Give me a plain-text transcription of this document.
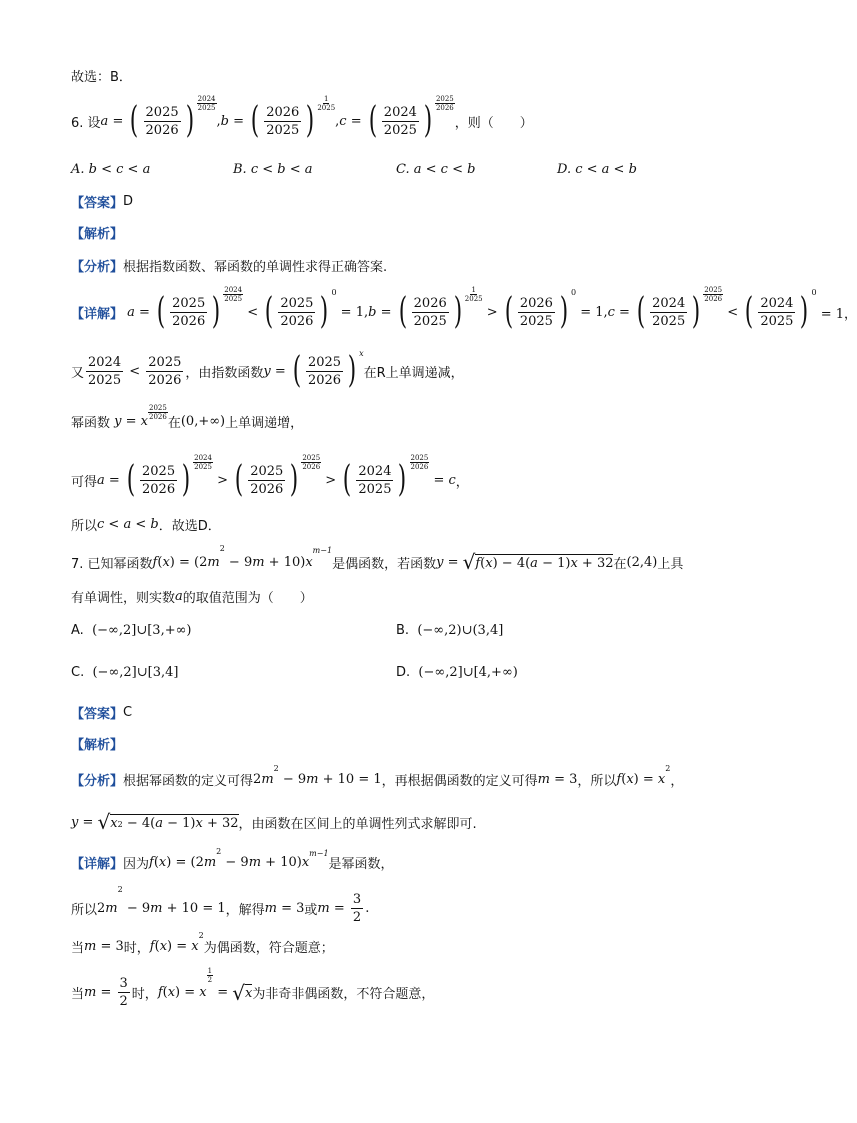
故选：B．
6. 设 a = ( $\frac{2025}{2026}$ )
2024
2025
, b = ( $\frac{2026}{2025}$ )
1
2025
, c = ( $\frac{2024}{2025}$ )
2025
2026
，则（　　）
A. b < c < a	B. c < b < a	C. a < c < b	D. c < a < b
【答案】 D
【解析】
【分析】 根据指数函数、幂函数的单调性求得正确答案.
【详解】 a = ( $\frac{2025}{2026}$ )
2024
2025
< ( $\frac{2025}{2026}$ ) 0
= 1, b = ( $\frac{2026}{2025}$ )
1
2025
> ( $\frac{2026}{2025}$ ) 0
= 1, c = ( $\frac{2024}{2025}$ )
2025
2026
< ( $\frac{2024}{2025}$ ) 0
= 1，
又 $\frac{2024}{2025} < \frac{2025}{2026}$ ，由指数函数 y = ( $\frac{2025}{2026}$ ) x
在R上单调递减，
幂函数 y = x
2025
2026 在 (0,+∞) 上单调递增，
可得 a = ( $\frac{2025}{2026}$ )
2024
2025
> ( $\frac{2025}{2026}$ )
2025
2026
> ( $\frac{2024}{2025}$ ) $\frac{2025}{2026}$
= c ，
所以 c < a < b ．故选D．
7. 已知幂函数 f ( x ) = (2 m
2
− 9 m + 10) x
m−1
是偶函数，若函数 y = √ f(x) − 4(a − 1)x + 32 在 (2,4) 上具
有单调性，则实数 a 的取值范围为（　　）
A. (−∞,2]∪[3,+∞)	B. (−∞,2)∪(3,4]
C. (−∞,2]∪[3,4]	D. (−∞,2]∪[4,+∞)
【答案】 C
【解析】
【分析】 根据幂函数的定义可得 2 m
2
− 9 m + 10 = 1 ，再根据偶函数的定义可得 m = 3 ，所以 f ( x ) = x
2
，
y = √ x2 − 4(a − 1)x + 32 ，由函数在区间上的单调性列式求解即可.
【详解】 因为 f ( x ) = (2 m
2
− 9 m + 10) x
m−1
是幂函数，
所以 2 m
2
− 9 m + 10 = 1 ，解得 m = 3 或 $m = \frac{3}{2}$ .
当 m = 3 时， f ( x ) = x
2
为偶函数，符合题意；
当 $m = \frac{3}{2}$ 时， f ( x ) = x
$\frac{1}{2}$
= √ x 为非奇非偶函数，不符合题意，
